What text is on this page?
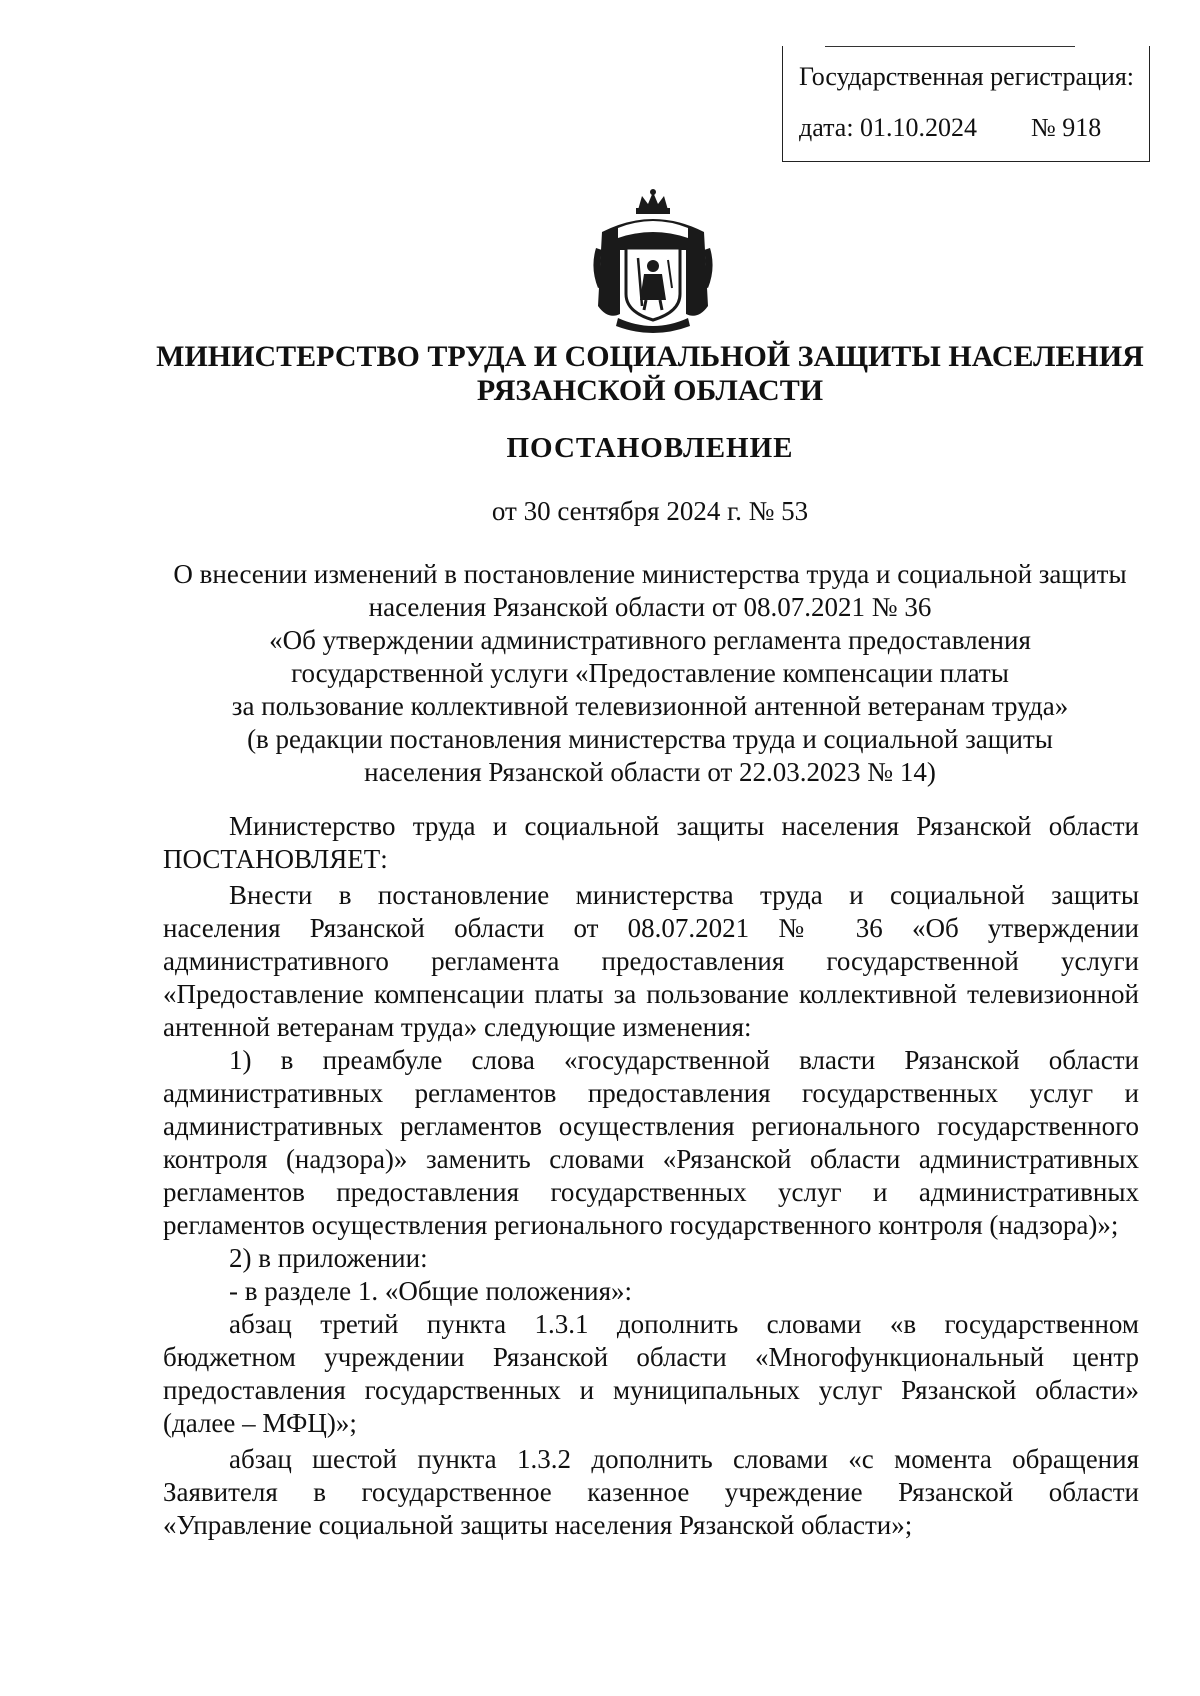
Государственная регистрация:
дата: 01.10.2024 № 918
МИНИСТЕРСТВО ТРУДА И СОЦИАЛЬНОЙ ЗАЩИТЫ НАСЕЛЕНИЯ
РЯЗАНСКОЙ ОБЛАСТИ
ПОСТАНОВЛЕНИЕ
от 30 сентября 2024 г. № 53
О внесении изменений в постановление министерства труда и социальной защиты
населения Рязанской области от 08.07.2021 № 36
«Об утверждении административного регламента предоставления
государственной услуги «Предоставление компенсации платы
за пользование коллективной телевизионной антенной ветеранам труда»
(в редакции постановления министерства труда и социальной защиты
населения Рязанской области от 22.03.2023 № 14)
Министерство труда и социальной защиты населения Рязанской области
ПОСТАНОВЛЯЕТ:
Внести в постановление министерства труда и социальной защиты
населения Рязанской области от 08.07.2021 № 36 «Об утверждении
административного регламента предоставления государственной услуги
«Предоставление компенсации платы за пользование коллективной телевизионной
антенной ветеранам труда» следующие изменения:
1) в преамбуле слова «государственной власти Рязанской области
административных регламентов предоставления государственных услуг и
административных регламентов осуществления регионального государственного
контроля (надзора)» заменить словами «Рязанской области административных
регламентов предоставления государственных услуг и административных
регламентов осуществления регионального государственного контроля (надзора)»;
2) в приложении:
- в разделе 1. «Общие положения»:
абзац третий пункта 1.3.1 дополнить словами «в государственном
бюджетном учреждении Рязанской области «Многофункциональный центр
предоставления государственных и муниципальных услуг Рязанской области»
(далее – МФЦ)»;
абзац шестой пункта 1.3.2 дополнить словами «с момента обращения
Заявителя в государственное казенное учреждение Рязанской области
«Управление социальной защиты населения Рязанской области»;
